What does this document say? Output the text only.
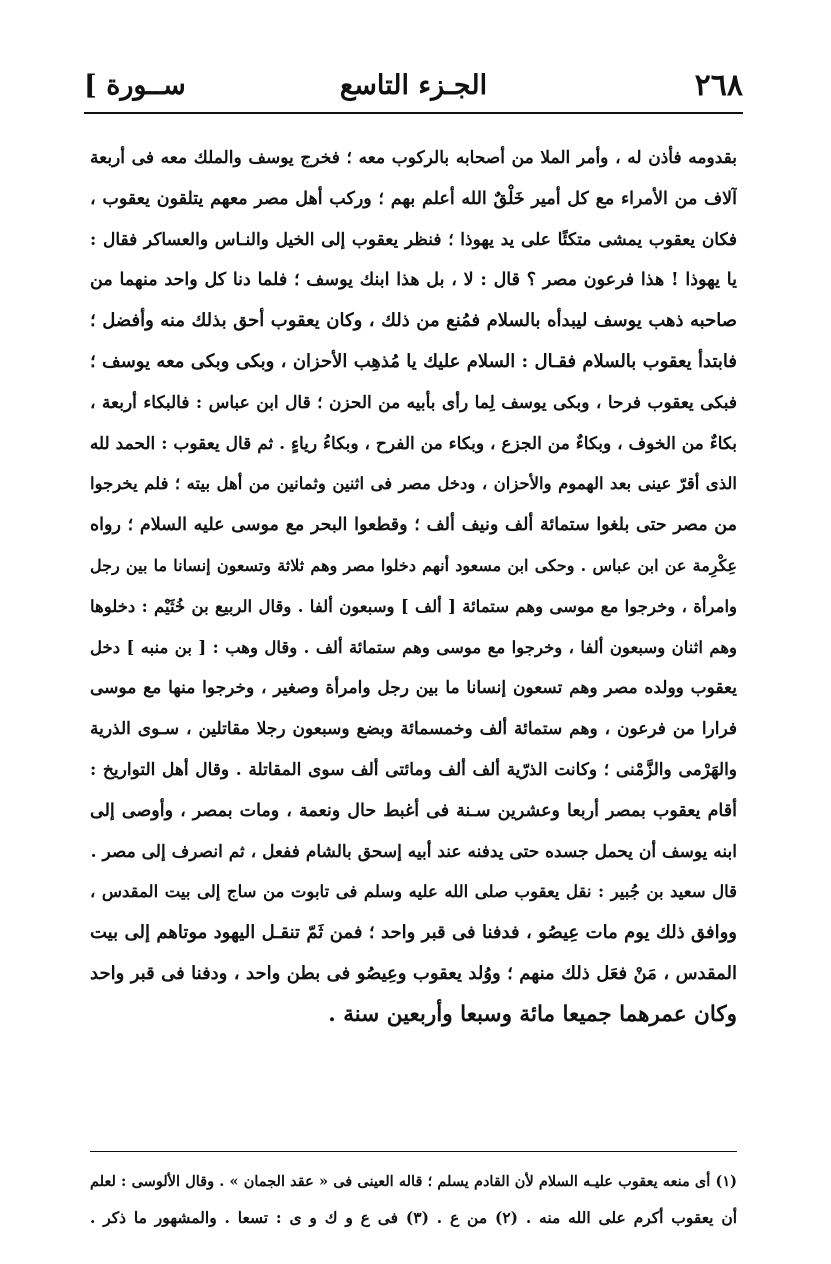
٢٦٨
الجـزء التاسع
[ ســورة
بقدومه فأذن له ، وأمر الملا من أصحابه بالركوب معه ؛ فخرج يوسف والملك معه فى أربعة
آلاف من الأمراء مع كل أمير خَلْقٌ الله أعلم بهم ؛ وركب أهل مصر معهم يتلقون يعقوب ،
فكان يعقوب يمشى متكئًا على يد يهوذا ؛ فنظر يعقوب إلى الخيل والنـاس والعساكر فقال :
يا يهوذا ! هذا فرعون مصر ؟ قال : لا ، بل هذا ابنك يوسف ؛ فلما دنا كل واحد منهما من
صاحبه ذهب يوسف ليبدأه بالسلام فمُنع من ذلك ، وكان يعقوب أحق بذلك منه وأفضل ؛
فابتدأ يعقوب بالسلام فقـال : السلام عليك يا مُذهِب الأحزان ، وبكى وبكى معه يوسف ؛
فبكى يعقوب فرحا ، وبكى يوسف لِما رأى بأبيه من الحزن ؛ قال ابن عباس : فالبكاء أربعة ،
بكاءٌ من الخوف ، وبكاءٌ من الجزع ، وبكاء من الفرح ، وبكاءُ رياءٍ . ثم قال يعقوب : الحمد لله
الذى أقرّ عينى بعد الهموم والأحزان ، ودخل مصر فى اثنين وثمانين من أهل بيته ؛ فلم يخرجوا
من مصر حتى بلغوا ستمائة ألف ونيف ألف ؛ وقطعوا البحر مع موسى عليه السلام ؛ رواه
عِكْرِمة عن ابن عباس . وحكى ابن مسعود أنهم دخلوا مصر وهم ثلاثة وتسعون إنسانا ما بين رجل
وامرأة ، وخرجوا مع موسى وهم ستمائة [ ألف ] وسبعون ألفا . وقال الربيع بن خُثَيْم : دخلوها
وهم اثنان وسبعون ألفا ، وخرجوا مع موسى وهم ستمائة ألف . وقال وهب : [ بن منبه ] دخل
يعقوب وولده مصر وهم تسعون إنسانا ما بين رجل وامرأة وصغير ، وخرجوا منها مع موسى
فرارا من فرعون ، وهم ستمائة ألف وخمسمائة وبضع وسبعون رجلا مقاتلين ، سـوى الذرية
والهَرْمى والزَّمْنى ؛ وكانت الذرّية ألف ألف ومائتى ألف سوى المقاتلة . وقال أهل التواريخ :
أقام يعقوب بمصر أربعا وعشرين سـنة فى أغبط حال ونعمة ، ومات بمصر ، وأوصى إلى
ابنه يوسف أن يحمل جسده حتى يدفنه عند أبيه إسحق بالشام ففعل ، ثم انصرف إلى مصر .
قال سعيد بن جُبير : نقل يعقوب صلى الله عليه وسلم فى تابوت من ساج إلى بيت المقدس ،
ووافق ذلك يوم مات عِيصُو ، فدفنا فى قبر واحد ؛ فمن ثَمّ تنقـل اليهود موتاهم إلى بيت
المقدس ، مَنْ فعَل ذلك منهم ؛ ووُلد يعقوب وعِيصُو فى بطن واحد ، ودفنا فى قبر واحد
وكان عمرهما جميعا مائة وسبعا وأربعين سنة .
(١) أى منعه يعقوب عليـه السلام لأن القادم يسلم ؛ قاله العينى فى « عقد الجمان » . وقال الألوسى : لعلم
أن يعقوب أكرم على الله منه . (٢) من ع . (٣) فى ع و ك و ى : تسعا . والمشهور ما ذكر .
